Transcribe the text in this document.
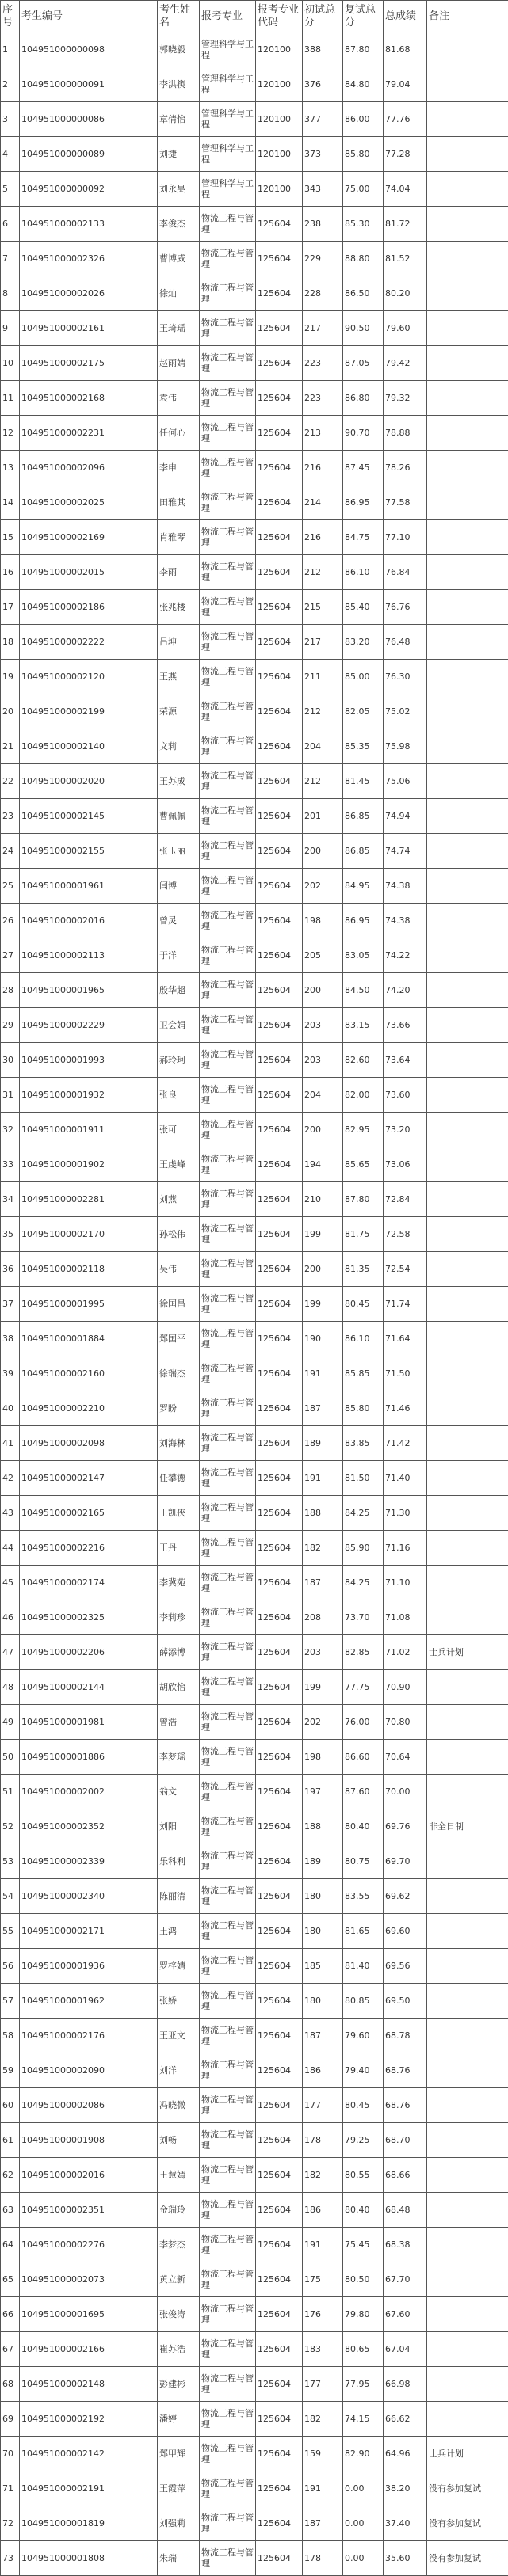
序号	考生编号	考生姓名	报考专业	报考专业代码	初试总分	复试总分	总成绩	备注
1	104951000000098	郭晓毅	管理科学与工程	120100	388	87.80	81.68	
2	104951000000091	李洪筷	管理科学与工程	120100	376	84.80	79.04	
3	104951000000086	章倩怡	管理科学与工程	120100	377	86.00	77.76	
4	104951000000089	刘捷	管理科学与工程	120100	373	85.80	77.28	
5	104951000000092	刘永昊	管理科学与工程	120100	343	75.00	74.04	
6	104951000002133	李俊杰	物流工程与管理	125604	238	85.30	81.72	
7	104951000002326	曹博威	物流工程与管理	125604	229	88.80	81.52	
8	104951000002026	徐灿	物流工程与管理	125604	228	86.50	80.20	
9	104951000002161	王琦瑶	物流工程与管理	125604	217	90.50	79.60	
10	104951000002175	赵雨婧	物流工程与管理	125604	223	87.05	79.42	
11	104951000002168	袁伟	物流工程与管理	125604	223	86.80	79.32	
12	104951000002231	任何心	物流工程与管理	125604	213	90.70	78.88	
13	104951000002096	李申	物流工程与管理	125604	216	87.45	78.26	
14	104951000002025	田雅其	物流工程与管理	125604	214	86.95	77.58	
15	104951000002169	肖雅琴	物流工程与管理	125604	216	84.75	77.10	
16	104951000002015	李雨	物流工程与管理	125604	212	86.10	76.84	
17	104951000002186	张兆楼	物流工程与管理	125604	215	85.40	76.76	
18	104951000002222	吕坤	物流工程与管理	125604	217	83.20	76.48	
19	104951000002120	王燕	物流工程与管理	125604	211	85.00	76.30	
20	104951000002199	荣源	物流工程与管理	125604	212	82.05	75.02	
21	104951000002140	文莉	物流工程与管理	125604	204	85.35	75.98	
22	104951000002020	王苏成	物流工程与管理	125604	212	81.45	75.06	
23	104951000002145	曹佩佩	物流工程与管理	125604	201	86.85	74.94	
24	104951000002155	张玉丽	物流工程与管理	125604	200	86.85	74.74	
25	104951000001961	闫博	物流工程与管理	125604	202	84.95	74.38	
26	104951000002016	曾灵	物流工程与管理	125604	198	86.95	74.38	
27	104951000002113	于洋	物流工程与管理	125604	205	83.05	74.22	
28	104951000001965	殷华超	物流工程与管理	125604	200	84.50	74.20	
29	104951000002229	卫会娟	物流工程与管理	125604	203	83.15	73.66	
30	104951000001993	郝玲珂	物流工程与管理	125604	203	82.60	73.64	
31	104951000001932	张良	物流工程与管理	125604	204	82.00	73.60	
32	104951000001911	张可	物流工程与管理	125604	200	82.95	73.20	
33	104951000001902	王虔峰	物流工程与管理	125604	194	85.65	73.06	
34	104951000002281	刘燕	物流工程与管理	125604	210	87.80	72.84	
35	104951000002170	孙松伟	物流工程与管理	125604	199	81.75	72.58	
36	104951000002118	吴伟	物流工程与管理	125604	200	81.35	72.54	
37	104951000001995	徐国昌	物流工程与管理	125604	199	80.45	71.74	
38	104951000001884	郑国平	物流工程与管理	125604	190	86.10	71.64	
39	104951000002160	徐瑞杰	物流工程与管理	125604	191	85.85	71.50	
40	104951000002210	罗盼	物流工程与管理	125604	187	85.80	71.46	
41	104951000002098	刘海林	物流工程与管理	125604	189	83.85	71.42	
42	104951000002147	任攀德	物流工程与管理	125604	191	81.50	71.40	
43	104951000002165	王凯侠	物流工程与管理	125604	188	84.25	71.30	
44	104951000002216	王丹	物流工程与管理	125604	182	85.90	71.16	
45	104951000002174	李冀苑	物流工程与管理	125604	187	84.25	71.10	
46	104951000002325	李莉珍	物流工程与管理	125604	208	73.70	71.08	
47	104951000002206	薛添博	物流工程与管理	125604	203	82.85	71.02	士兵计划
48	104951000002144	胡欣怡	物流工程与管理	125604	199	77.75	70.90	
49	104951000001981	曾浩	物流工程与管理	125604	202	76.00	70.80	
50	104951000001886	李梦瑶	物流工程与管理	125604	198	86.60	70.64	
51	104951000002002	翁文	物流工程与管理	125604	197	87.60	70.00	
52	104951000002352	刘阳	物流工程与管理	125604	188	80.40	69.76	非全日制
53	104951000002339	乐科利	物流工程与管理	125604	189	80.75	69.70	
54	104951000002340	陈丽清	物流工程与管理	125604	180	83.55	69.62	
55	104951000002171	王鸿	物流工程与管理	125604	180	81.65	69.60	
56	104951000001936	罗梓婧	物流工程与管理	125604	185	81.40	69.56	
57	104951000001962	张娇	物流工程与管理	125604	180	80.85	69.50	
58	104951000002176	王亚文	物流工程与管理	125604	187	79.60	68.78	
59	104951000002090	刘洋	物流工程与管理	125604	186	79.40	68.76	
60	104951000002086	冯晓微	物流工程与管理	125604	177	80.45	68.76	
61	104951000001908	刘畅	物流工程与管理	125604	178	79.25	68.70	
62	104951000002016	王慧嫣	物流工程与管理	125604	182	80.55	68.66	
63	104951000002351	金瑞玲	物流工程与管理	125604	186	80.40	68.48	
64	104951000002276	李梦杰	物流工程与管理	125604	191	75.45	68.38	
65	104951000002073	黄立新	物流工程与管理	125604	175	80.50	67.70	
66	104951000001695	张俊涛	物流工程与管理	125604	176	79.80	67.60	
67	104951000002166	崔苏浩	物流工程与管理	125604	183	80.65	67.04	
68	104951000002148	彭建彬	物流工程与管理	125604	177	77.95	66.98	
69	104951000002192	潘婷	物流工程与管理	125604	182	74.15	66.62	
70	104951000002142	郑甲辉	物流工程与管理	125604	159	82.90	64.96	士兵计划
71	104951000002191	王霞萍	物流工程与管理	125604	191	0.00	38.20	没有参加复试
72	104951000001819	刘强莉	物流工程与管理	125604	187	0.00	37.40	没有参加复试
73	104951000001808	朱瑞	物流工程与管理	125604	178	0.00	35.60	没有参加复试
